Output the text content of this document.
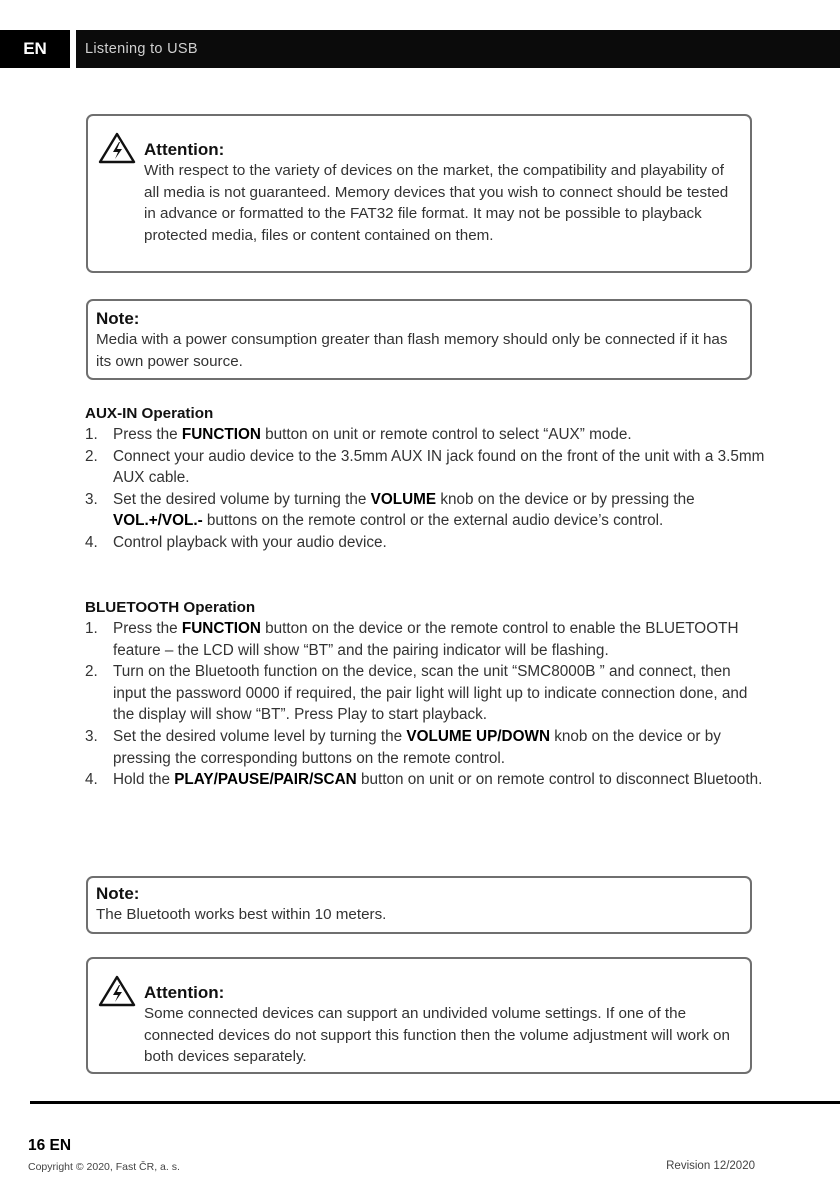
EN	Listening to USB
Attention:
With respect to the variety of devices on the market, the compatibility and playability of all media is not guaranteed. Memory devices that you wish to connect should be tested in advance or formatted to the FAT32 file format. It may not be possible to playback protected media, files or content contained on them.
Note:
Media with a power consumption greater than flash memory should only be connected if it has its own power source.
AUX-IN Operation
1. Press the FUNCTION button on unit or remote control to select “AUX” mode.
2. Connect your audio device to the 3.5mm AUX IN jack found on the front of the unit with a 3.5mm AUX cable.
3. Set the desired volume by turning the VOLUME knob on the device or by pressing the VOL.+/VOL.- buttons on the remote control or the external audio device’s control.
4. Control playback with your audio device.
BLUETOOTH Operation
1. Press the FUNCTION button on the device or the remote control to enable the BLUETOOTH feature – the LCD will show “BT” and the pairing indicator will be flashing.
2. Turn on the Bluetooth function on the device, scan the unit “SMC8000B ” and connect, then input the password 0000 if required, the pair light will light up to indicate connection done, and the display will show “BT”. Press Play to start playback.
3. Set the desired volume level by turning the VOLUME UP/DOWN knob on the device or by pressing the corresponding buttons on the remote control.
4. Hold the PLAY/PAUSE/PAIR/SCAN button on unit or on remote control to disconnect Bluetooth.
Note:
The Bluetooth works best within 10 meters.
Attention:
Some connected devices can support an undivided volume settings. If one of the connected devices do not support this function then the volume adjustment will work on both devices separately.
16 EN
Copyright © 2020, Fast ČR, a. s.	Revision 12/2020
